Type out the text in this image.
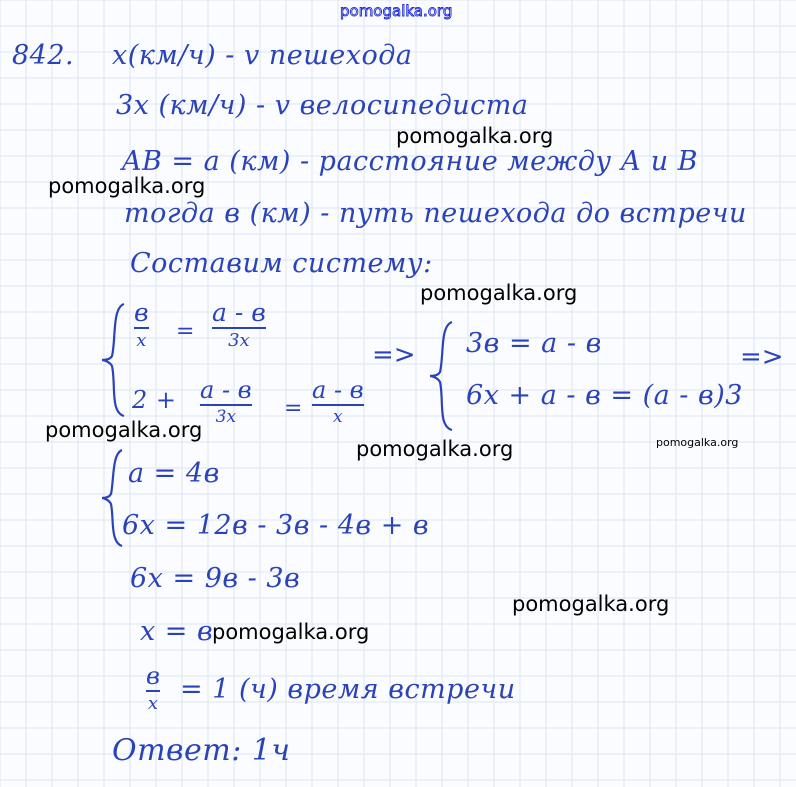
pomogalka.org
842. x(км/ч) - v пешехода
3x (км/ч) - v велосипедиста
AB = a (км) - расстояние между А и В
тогда в (км) - путь пешехода до встречи
Составим систему:
в
x =
а - в
3x
2 + а - в
3x =
а - в
x
=> 3в = а - в
6x + а - в = (а - в)3
=>
а = 4в
6x = 12в - 3в - 4в + в
6x = 9в - 3в
x = в
в
x = 1 (ч) время встречи
Ответ: 1ч
pomogalka.org
pomogalka.org
pomogalka.org
pomogalka.org
pomogalka.org	pomogalka.org
pomogalka.org
pomogalka.org
